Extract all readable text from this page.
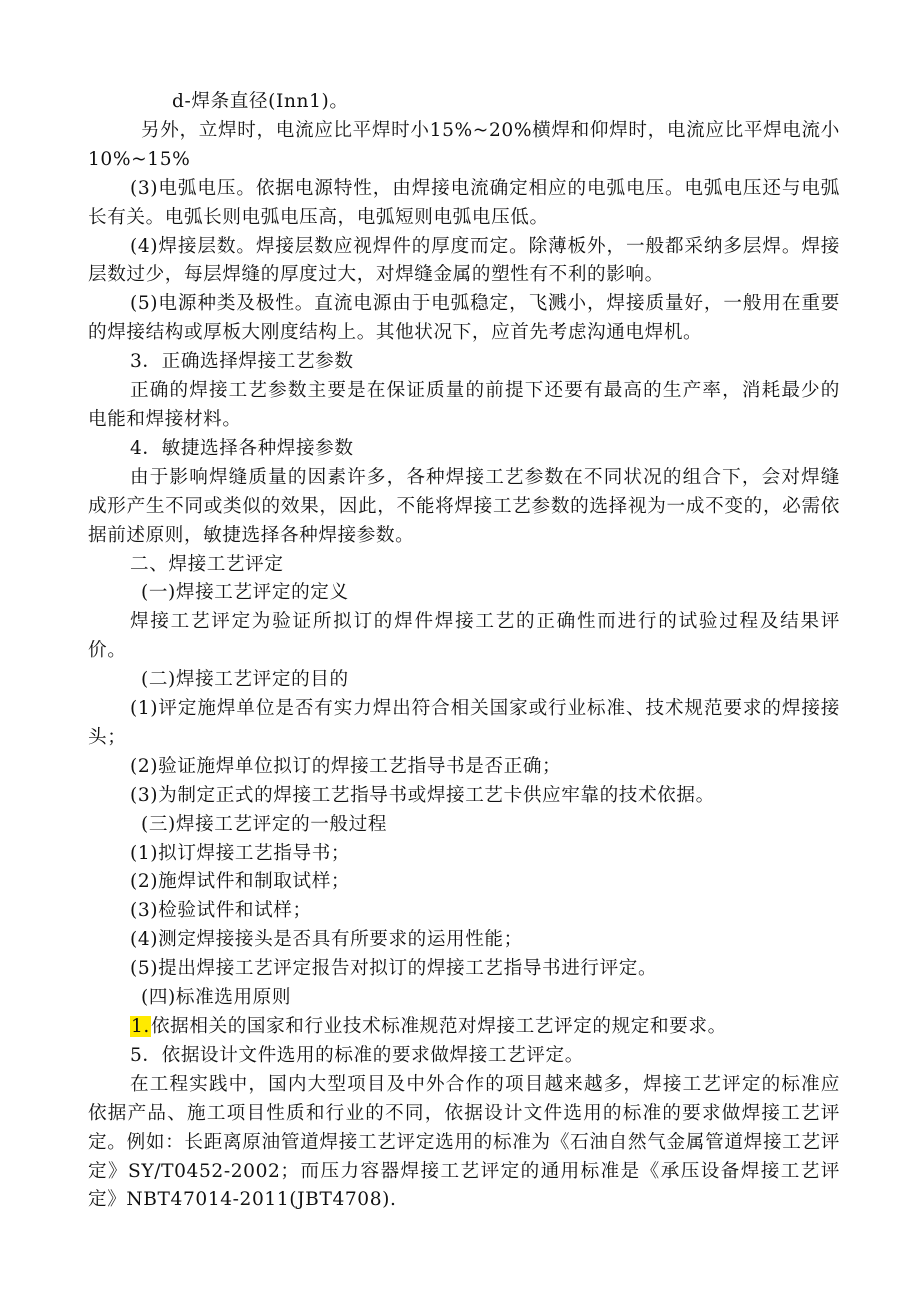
d-焊条直径(Inn1)。

另外，立焊时，电流应比平焊时小15%~20%横焊和仰焊时，电流应比平焊电流小10%~15%

(3)电弧电压。依据电源特性，由焊接电流确定相应的电弧电压。电弧电压还与电弧长有关。电弧长则电弧电压高，电弧短则电弧电压低。

(4)焊接层数。焊接层数应视焊件的厚度而定。除薄板外，一般都采纳多层焊。焊接层数过少，每层焊缝的厚度过大，对焊缝金属的塑性有不利的影响。

(5)电源种类及极性。直流电源由于电弧稳定，飞溅小，焊接质量好，一般用在重要的焊接结构或厚板大刚度结构上。其他状况下，应首先考虑沟通电焊机。

3．正确选择焊接工艺参数

正确的焊接工艺参数主要是在保证质量的前提下还要有最高的生产率，消耗最少的电能和焊接材料。

4．敏捷选择各种焊接参数

由于影响焊缝质量的因素许多，各种焊接工艺参数在不同状况的组合下，会对焊缝成形产生不同或类似的效果，因此，不能将焊接工艺参数的选择视为一成不变的，必需依据前述原则，敏捷选择各种焊接参数。

二、焊接工艺评定

(一)焊接工艺评定的定义

焊接工艺评定为验证所拟订的焊件焊接工艺的正确性而进行的试验过程及结果评价。

(二)焊接工艺评定的目的

(1)评定施焊单位是否有实力焊出符合相关国家或行业标准、技术规范要求的焊接接头；

(2)验证施焊单位拟订的焊接工艺指导书是否正确；

(3)为制定正式的焊接工艺指导书或焊接工艺卡供应牢靠的技术依据。

(三)焊接工艺评定的一般过程

(1)拟订焊接工艺指导书；

(2)施焊试件和制取试样；

(3)检验试件和试样；

(4)测定焊接接头是否具有所要求的运用性能；

(5)提出焊接工艺评定报告对拟订的焊接工艺指导书进行评定。

(四)标准选用原则

1.依据相关的国家和行业技术标准规范对焊接工艺评定的规定和要求。

5．依据设计文件选用的标准的要求做焊接工艺评定。

在工程实践中，国内大型项目及中外合作的项目越来越多，焊接工艺评定的标准应依据产品、施工项目性质和行业的不同，依据设计文件选用的标准的要求做焊接工艺评定。例如：长距离原油管道焊接工艺评定选用的标准为《石油自然气金属管道焊接工艺评定》SY/T0452-2002；而压力容器焊接工艺评定的通用标准是《承压设备焊接工艺评定》NBT47014-2011(JBT4708).
